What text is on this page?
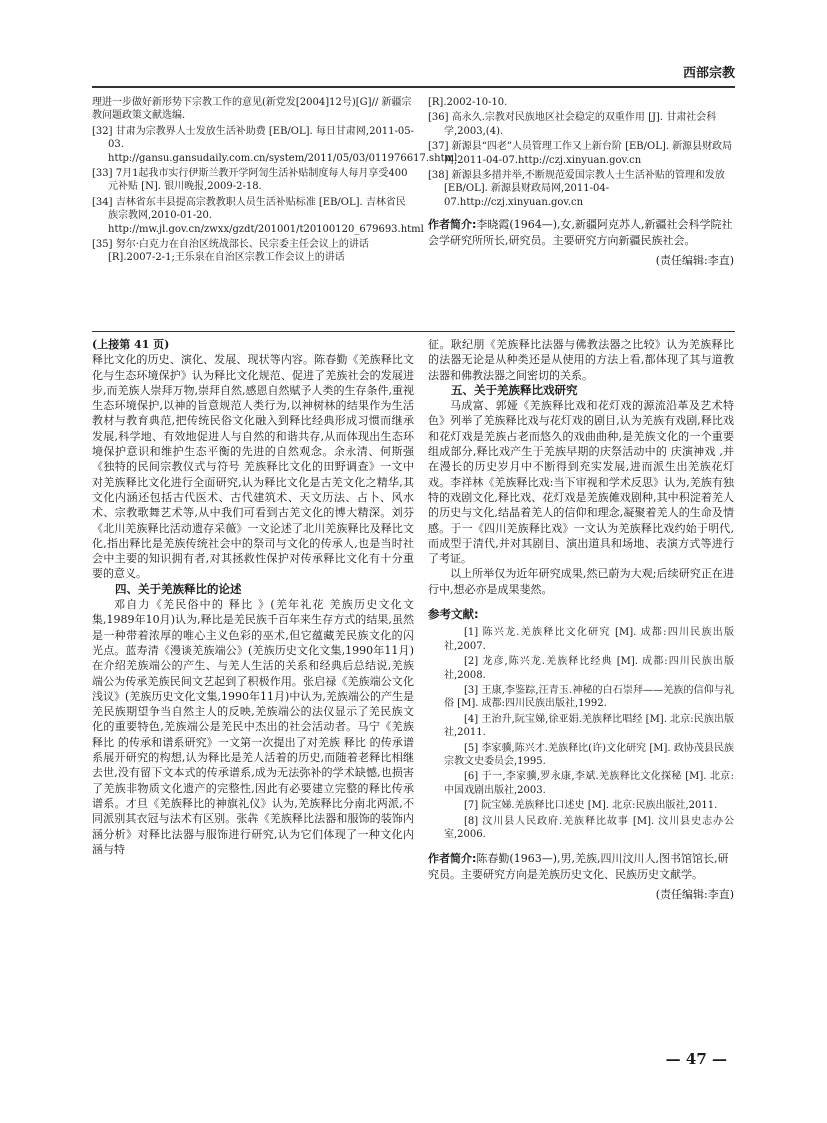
西部宗教

理进一步做好新形势下宗教工作的意见(新党发[2004]12号)[G]// 新疆宗教问题政策文献选编.

[32] 甘肃为宗教界人士发放生活补助费 [EB/OL]. 每日甘肃网,2011-05-03. http://gansu.gansudaily.com.cn/system/2011/05/03/011976617.shtml

[33] 7月1起我市实行伊斯兰教开学阿訇生活补贴制度每人每月享受400元补贴 [N]. 银川晚报,2009-2-18.

[34] 吉林省东丰县提高宗教教职人员生活补贴标准 [EB/OL]. 吉林省民族宗教网,2010-01-20. http://mw.jl.gov.cn/zwxx/gzdt/201001/t20100120_679693.html

[35] 努尔·白克力在自治区统战部长、民宗委主任会议上的讲话 [R].2007-2-1;王乐泉在自治区宗教工作会议上的讲话

[R].2002-10-10.

[36] 高永久.宗教对民族地区社会稳定的双重作用 [J]. 甘肃社会科学,2003,(4).

[37] 新源县“四老”人员管理工作又上新台阶 [EB/OL]. 新源县财政局网,2011-04-07.http://czj.xinyuan.gov.cn

[38] 新源县多措并举,不断规范爱国宗教人士生活补贴的管理和发放 [EB/OL]. 新源县财政局网,2011-04-07.http://czj.xinyuan.gov.cn

作者简介:李晓霞(1964—),女,新疆阿克苏人,新疆社会科学院社会学研究所所长,研究员。主要研究方向新疆民族社会。
(责任编辑:李直)
(上接第 41 页)

释比文化的历史、演化、发展、现状等内容。陈春勤《羌族释比文化与生态环境保护》认为释比文化规范、促进了羌族社会的发展进步,而羌族人崇拜万物,崇拜自然,感恩自然赋予人类的生存条件,重视生态环境保护,以神的旨意规范人类行为,以神树林的结果作为生活教材与教育典范,把传统民俗文化融入到释比经典形成习惯而继承发展,科学地、有效地促进人与自然的和谐共存,从而体现出生态环境保护意识和维护生态平衡的先进的自然观念。余永清、何斯强《独特的民间宗教仪式与符号 羌族释比文化的田野调查》一文中对羌族释比文化进行全面研究,认为释比文化是古羌文化之精华,其文化内涵还包括古代医术、古代建筑术、天文历法、占卜、风水术、宗教歌舞艺术等,从中我们可看到古羌文化的博大精深。刘芬《北川羌族释比活动遗存采薇》一文论述了北川羌族释比及释比文化,指出释比是羌族传统社会中的祭司与文化的传承人,也是当时社会中主要的知识拥有者,对其拯救性保护对传承释比文化有十分重要的意义。

四、关于羌族释比的论述

邓自力《羌民俗中的 释比 》(羌年礼花 羌族历史文化文集,1989年10月)认为,释比是羌民族千百年来生存方式的结果,虽然是一种带着浓厚的唯心主义色彩的巫术,但它蕴藏羌民族文化的闪光点。蓝寿清《漫谈羌族端公》(羌族历史文化文集,1990年11月)在介绍羌族端公的产生、与羌人生活的关系和经典后总结说,羌族端公为传承羌族民间文艺起到了积极作用。张启禄《羌族端公文化浅议》(羌族历史文化文集,1990年11月)中认为,羌族端公的产生是羌民族期望争当自然主人的反映,羌族端公的法仪显示了羌民族文化的重要特色,羌族端公是羌民中杰出的社会活动者。马宁《羌族 释比 的传承和谱系研究》一文第一次提出了对羌族 释比 的传承谱系展开研究的构想,认为释比是羌人活着的历史,而随着老释比相继去世,没有留下文本式的传承谱系,成为无法弥补的学术缺憾,也损害了羌族非物质文化遗产的完整性,因此有必要建立完整的释比传承谱系。才旦《羌族释比的神旗礼仪》认为,羌族释比分南北两派,不同派别其衣冠与法术有区别。张犇《羌族释比法器和服饰的装饰内涵分析》对释比法器与服饰进行研究,认为它们体现了一种文化内涵与特

征。耿纪朋《羌族释比法器与佛教法器之比较》认为羌族释比的法器无论是从种类还是从使用的方法上看,都体现了其与道教法器和佛教法器之间密切的关系。

五、关于羌族释比戏研究

马成富、郭娅《羌族释比戏和花灯戏的源流沿革及艺术特色》列举了羌族释比戏与花灯戏的剧目,认为羌族有戏剧,释比戏和花灯戏是羌族占老而悠久的戏曲曲种,是羌族文化的一个重要组成部分,释比戏产生于羌族早期的庆祭活动中的 庆演神戏 ,并在漫长的历史岁月中不断得到充实发展,进而派生出羌族花灯戏。李祥林《羌族释比戏:当下审视和学术反思》认为,羌族有独特的戏剧文化,释比戏、花灯戏是羌族傩戏剧种,其中积淀着羌人的历史与文化,结晶着羌人的信仰和理念,凝聚着羌人的生命及情感。于一《四川羌族释比戏》一文认为羌族释比戏约始于明代,而成型于清代,并对其剧目、演出道具和场地、表演方式等进行了考证。

以上所举仅为近年研究成果,然已蔚为大观;后续研究正在进行中,想必亦是成果斐然。

参考文献:

[1] 陈兴龙.羌族释比文化研究 [M]. 成都:四川民族出版社,2007.

[2] 龙彦,陈兴龙.羌族释比经典 [M]. 成都:四川民族出版社,2008.

[3] 王康,李鉴踪,汪青玉.神秘的白石崇拜——羌族的信仰与礼俗 [M]. 成都:四川民族出版社,1992.

[4] 王治升,阮宝娣,徐亚娟.羌族释比唱经 [M]. 北京:民族出版社,2011.

[5] 李家骥,陈兴才.羌族释比(许)文化研究 [M]. 政协茂县民族宗教文史委员会,1995.

[6] 于一,李家骥,罗永康,李斌.羌族释比文化探秘 [M]. 北京:中国戏剧出版社,2003.

[7] 阮宝娣.羌族释比口述史 [M]. 北京:民族出版社,2011.

[8] 汶川县人民政府.羌族释比故事 [M]. 汶川县史志办公室,2006.

作者简介:陈春勤(1963—),男,羌族,四川汶川人,图书馆馆长,研究员。主要研究方向是羌族历史文化、民族历史文献学。
(责任编辑:李直)
— 47 —
